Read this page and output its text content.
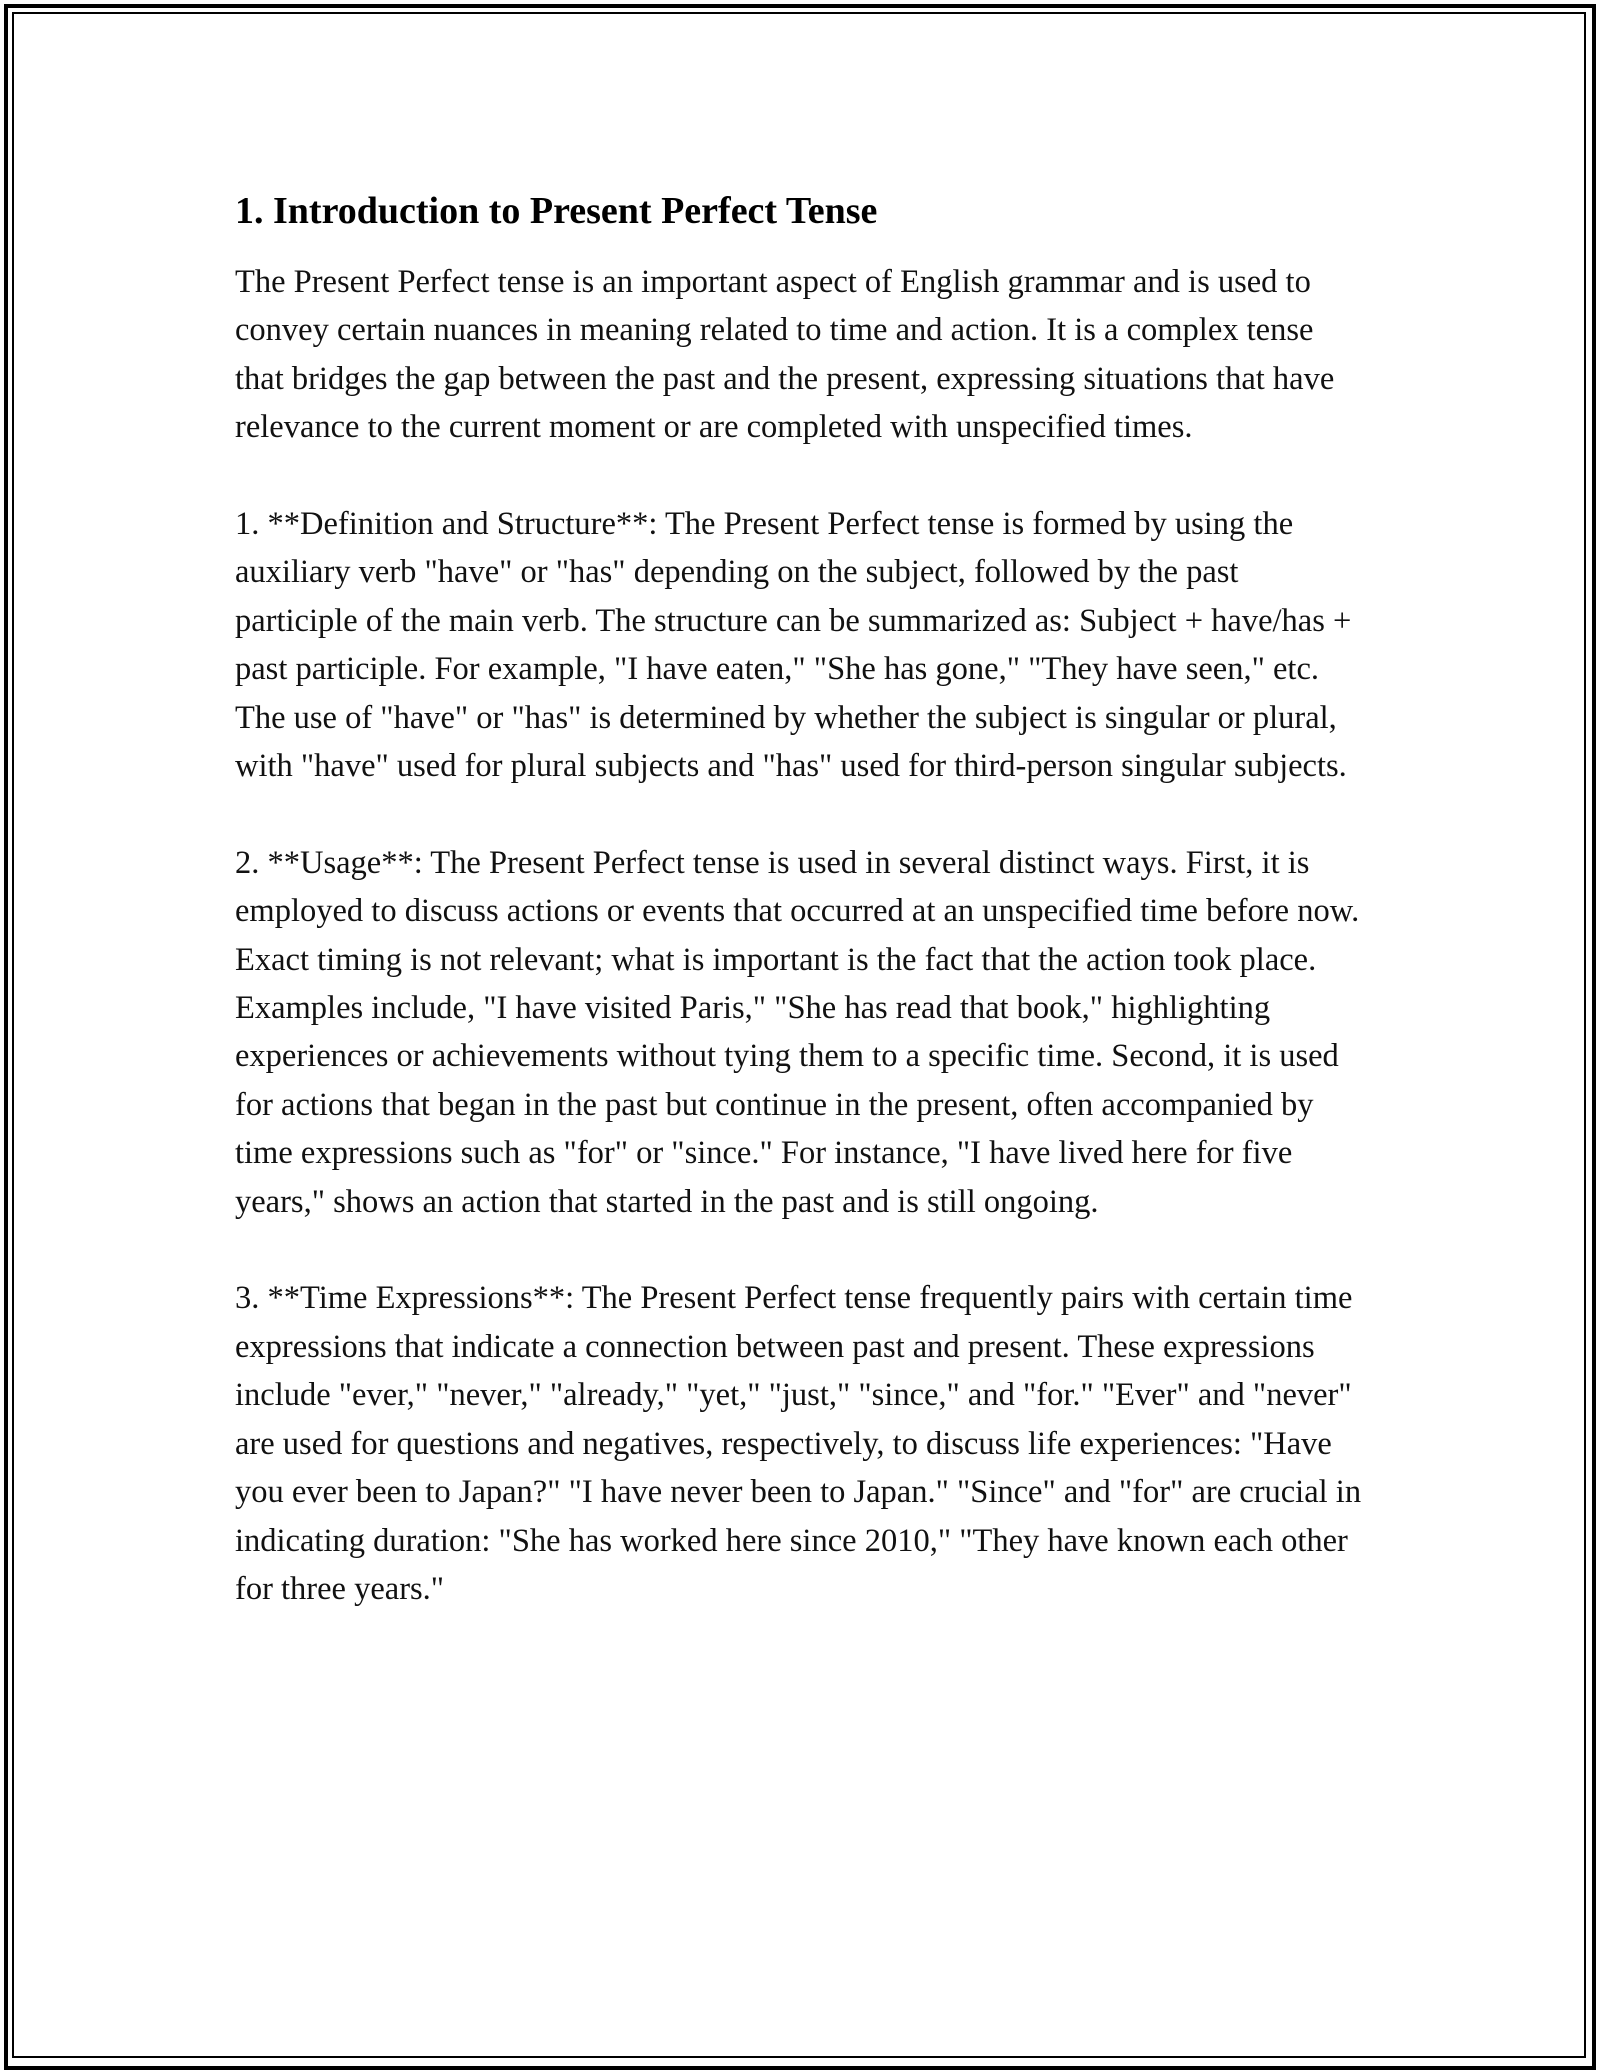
1. Introduction to Present Perfect Tense

The Present Perfect tense is an important aspect of English grammar and is used to convey certain nuances in meaning related to time and action. It is a complex tense that bridges the gap between the past and the present, expressing situations that have relevance to the current moment or are completed with unspecified times.

1. **Definition and Structure**: The Present Perfect tense is formed by using the auxiliary verb "have" or "has" depending on the subject, followed by the past participle of the main verb. The structure can be summarized as: Subject + have/has + past participle. For example, "I have eaten," "She has gone," "They have seen," etc. The use of "have" or "has" is determined by whether the subject is singular or plural, with "have" used for plural subjects and "has" used for third-person singular subjects.

2. **Usage**: The Present Perfect tense is used in several distinct ways. First, it is employed to discuss actions or events that occurred at an unspecified time before now. Exact timing is not relevant; what is important is the fact that the action took place. Examples include, "I have visited Paris," "She has read that book," highlighting experiences or achievements without tying them to a specific time. Second, it is used for actions that began in the past but continue in the present, often accompanied by time expressions such as "for" or "since." For instance, "I have lived here for five years," shows an action that started in the past and is still ongoing.

3. **Time Expressions**: The Present Perfect tense frequently pairs with certain time expressions that indicate a connection between past and present. These expressions include "ever," "never," "already," "yet," "just," "since," and "for." "Ever" and "never" are used for questions and negatives, respectively, to discuss life experiences: "Have you ever been to Japan?" "I have never been to Japan." "Since" and "for" are crucial in indicating duration: "She has worked here since 2010," "They have known each other for three years."
